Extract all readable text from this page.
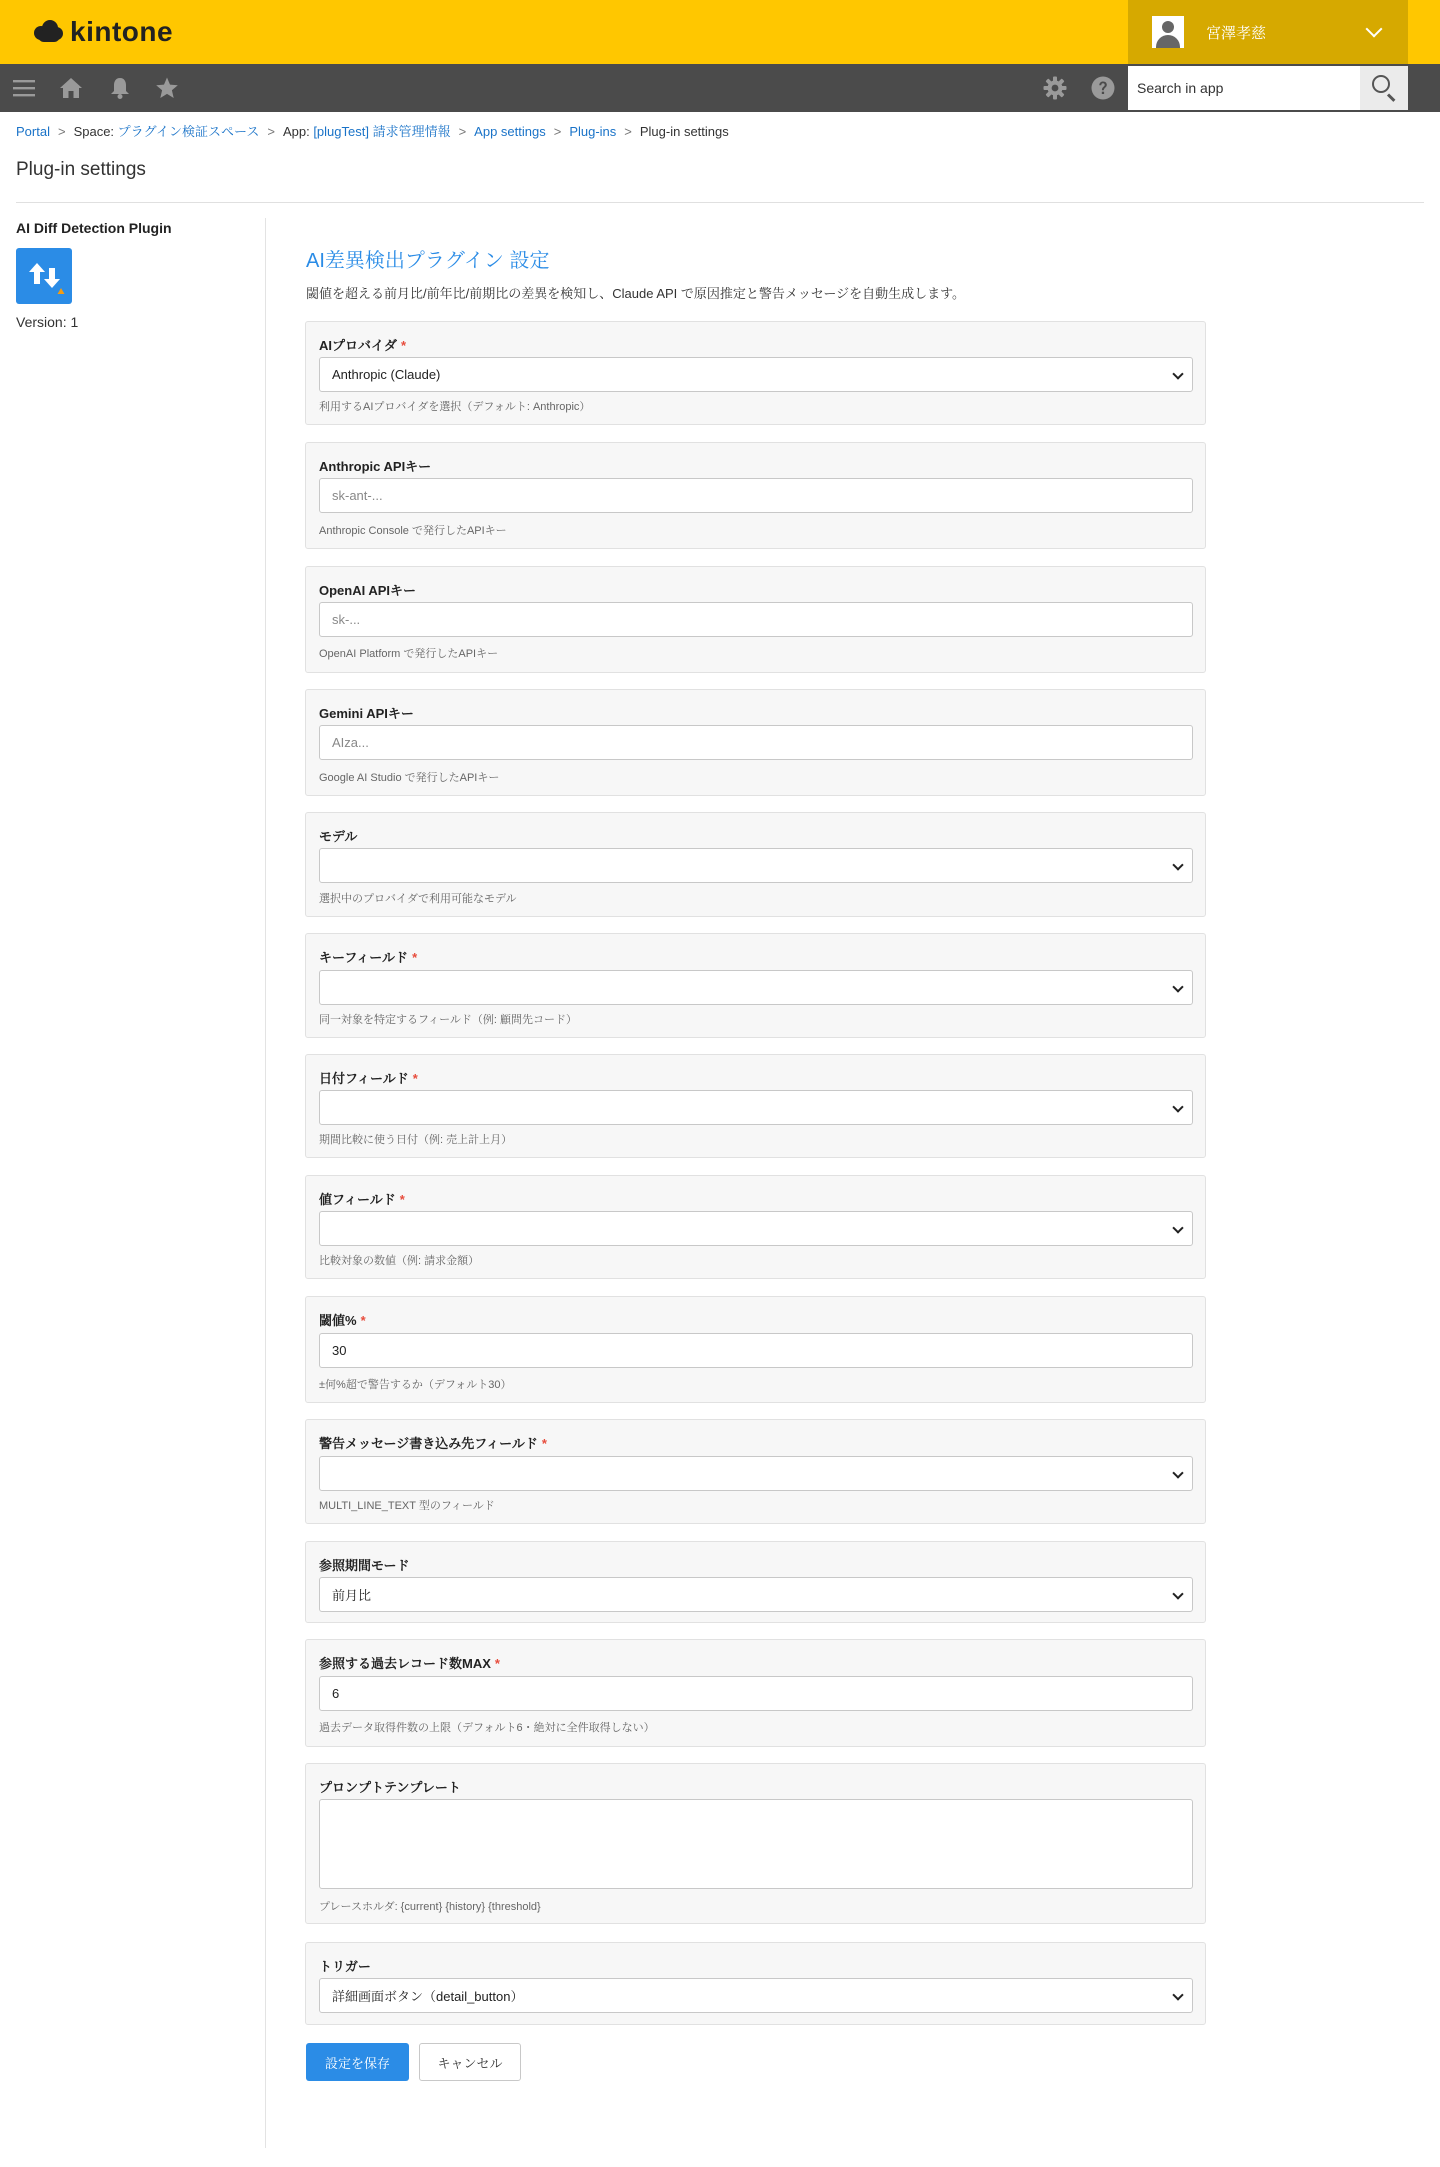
kintone	宮澤孝慈
Search in app
Portal > Space: プラグイン検証スペース > App: [plugTest] 請求管理情報 > App settings > Plug-ins > Plug-in settings
Plug-in settings
AI Diff Detection Plugin
Version: 1
AI差異検出プラグイン 設定

閾値を超える前月比/前年比/前期比の差異を検知し、Claude API で原因推定と警告メッセージを自動生成します。

AIプロバイダ *
Anthropic (Claude)
利用するAIプロバイダを選択（デフォルト: Anthropic）
Anthropic APIキー
sk-ant-...
Anthropic Console で発行したAPIキー
OpenAI APIキー
sk-...
OpenAI Platform で発行したAPIキー
Gemini APIキー
AIza...
Google AI Studio で発行したAPIキー
モデル
選択中のプロバイダで利用可能なモデル
キーフィールド *
同一対象を特定するフィールド（例: 顧問先コード）
日付フィールド *
期間比較に使う日付（例: 売上計上月）
値フィールド *
比較対象の数値（例: 請求金額）
閾値% *
30
±何%超で警告するか（デフォルト30）
警告メッセージ書き込み先フィールド *
MULTI_LINE_TEXT 型のフィールド
参照期間モード
前月比
参照する過去レコード数MAX *
6
過去データ取得件数の上限（デフォルト6・絶対に全件取得しない）
プロンプトテンプレート
プレースホルダ: {current} {history} {threshold}
トリガー
詳細画面ボタン（detail_button）
設定を保存	キャンセル
